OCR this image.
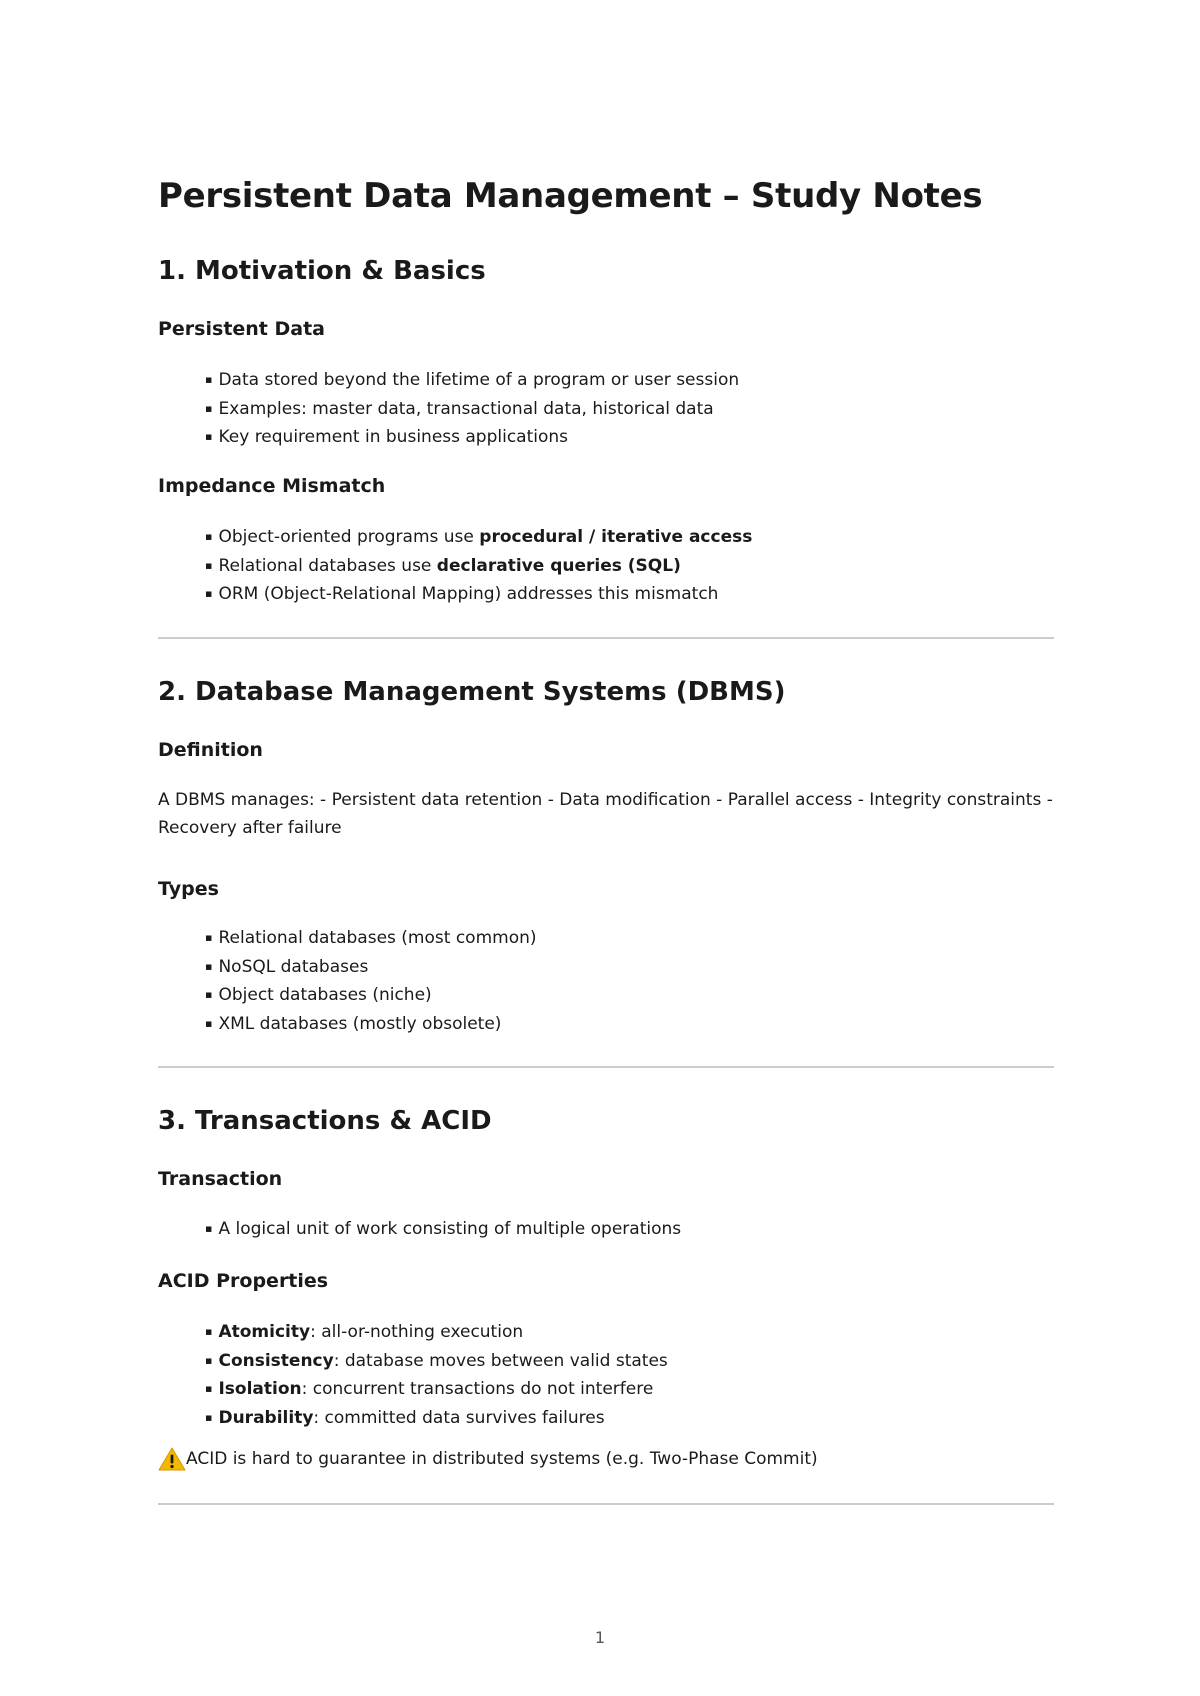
Persistent Data Management – Study Notes
1. Motivation & Basics
Persistent Data
▪ Data stored beyond the lifetime of a program or user session
▪ Examples: master data, transactional data, historical data
▪ Key requirement in business applications
Impedance Mismatch
▪ Object-oriented programs use procedural / iterative access
▪ Relational databases use declarative queries (SQL)
▪ ORM (Object-Relational Mapping) addresses this mismatch
2. Database Management Systems (DBMS)
Definition
A DBMS manages: - Persistent data retention - Data modification - Parallel access - Integrity constraints - Recovery after failure
Types
▪ Relational databases (most common)
▪ NoSQL databases
▪ Object databases (niche)
▪ XML databases (mostly obsolete)
3. Transactions & ACID
Transaction
▪ A logical unit of work consisting of multiple operations
ACID Properties
▪ Atomicity: all-or-nothing execution
▪ Consistency: database moves between valid states
▪ Isolation: concurrent transactions do not interfere
▪ Durability: committed data survives failures
ACID is hard to guarantee in distributed systems (e.g. Two-Phase Commit)
1
